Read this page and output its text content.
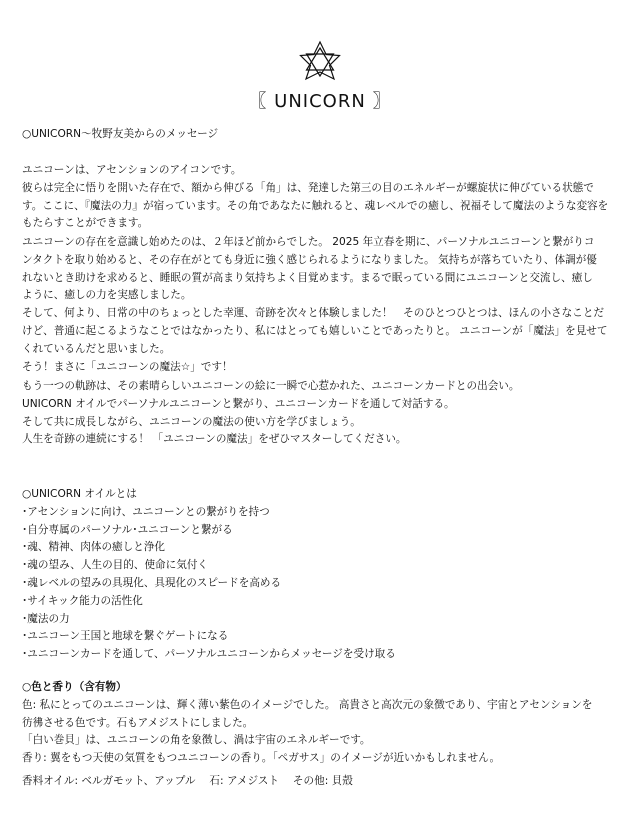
〖 UNICORN 〗
○UNICORN～牧野友美からのメッセージ
ユニコーンは、アセンションのアイコンです。
彼らは完全に悟りを開いた存在で、額から伸びる「角」は、発達した第三の目のエネルギーが螺旋状に伸びている状態で
す。ここに、『魔法の力』が宿っています。その角であなたに触れると、魂レベルでの癒し、祝福そして魔法のような変容を
もたらすことができます。
ユニコーンの存在を意識し始めたのは、２年ほど前からでした。 2025 年立春を期に、パーソナルユニコーンと繋がりコ
ンタクトを取り始めると、その存在がとても身近に強く感じられるようになりました。 気持ちが落ちていたり、体調が優
れないとき助けを求めると、睡眠の質が高まり気持ちよく目覚めます。まるで眠っている間にユニコーンと交流し、癒し
ように、癒しの力を実感しました。
そして、何より、日常の中のちょっとした幸運、奇跡を次々と体験しました！　そのひとつひとつは、ほんの小さなことだ
けど、普通に起こるようなことではなかったり、私にはとっても嬉しいことであったりと。 ユニコーンが「魔法」を見せて
くれているんだと思いました。
そう！まさに「ユニコーンの魔法☆」です！
もう一つの軌跡は、その素晴らしいユニコーンの絵に一瞬で心惹かれた、ユニコーンカードとの出会い。
UNICORN オイルでパーソナルユニコーンと繋がり、ユニコーンカードを通して対話する。
そして共に成長しながら、ユニコーンの魔法の使い方を学びましょう。
人生を奇跡の連続にする！ 「ユニコーンの魔法」をぜひマスターしてください。
○UNICORN オイルとは
･アセンションに向け、ユニコーンとの繋がりを持つ
･自分専属のパーソナル･ユニコーンと繋がる
･魂、精神、肉体の癒しと浄化
･魂の望み、人生の目的、使命に気付く
･魂レベルの望みの具現化、具現化のスピードを高める
･サイキック能力の活性化
･魔法の力
･ユニコーン王国と地球を繋ぐゲートになる
･ユニコーンカードを通して、パーソナルユニコーンからメッセージを受け取る
○色と香り（含有物）
色: 私にとってのユニコーンは、輝く薄い紫色のイメージでした。 高貴さと高次元の象徴であり、宇宙とアセンションを
彷彿させる色です。石もアメジストにしました。
「白い巻貝」は、ユニコーンの角を象徴し、渦は宇宙のエネルギーです。
香り: 翼をもつ天使の気質をもつユニコーンの香り。「ペガサス」のイメージが近いかもしれません。
香料オイル: ベルガモット、アップル　 石: アメジスト　 その他: 貝殻
